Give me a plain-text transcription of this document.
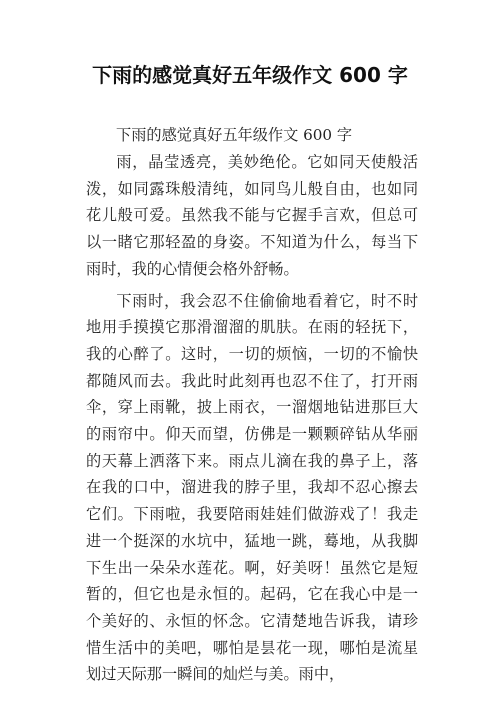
下雨的感觉真好五年级作文 600 字

下雨的感觉真好五年级作文 600 字

雨，晶莹透亮，美妙绝伦。它如同天使般活泼，如同露珠般清纯，如同鸟儿般自由，也如同花儿般可爱。虽然我不能与它握手言欢，但总可以一睹它那轻盈的身姿。不知道为什么，每当下雨时，我的心情便会格外舒畅。

下雨时，我会忍不住偷偷地看着它，时不时地用手摸摸它那滑溜溜的肌肤。在雨的轻抚下，我的心醉了。这时，一切的烦恼，一切的不愉快都随风而去。我此时此刻再也忍不住了，打开雨伞，穿上雨靴，披上雨衣，一溜烟地钻进那巨大的雨帘中。仰天而望，仿佛是一颗颗碎钻从华丽的天幕上洒落下来。雨点儿滴在我的鼻子上，落在我的口中，溜进我的脖子里，我却不忍心擦去它们。下雨啦，我要陪雨娃娃们做游戏了！我走进一个挺深的水坑中，猛地一跳，蓦地，从我脚下生出一朵朵水莲花。啊，好美呀！虽然它是短暂的，但它也是永恒的。起码，它在我心中是一个美好的、永恒的怀念。它清楚地告诉我，请珍惜生活中的美吧，哪怕是昙花一现，哪怕是流星划过天际那一瞬间的灿烂与美。雨中，
